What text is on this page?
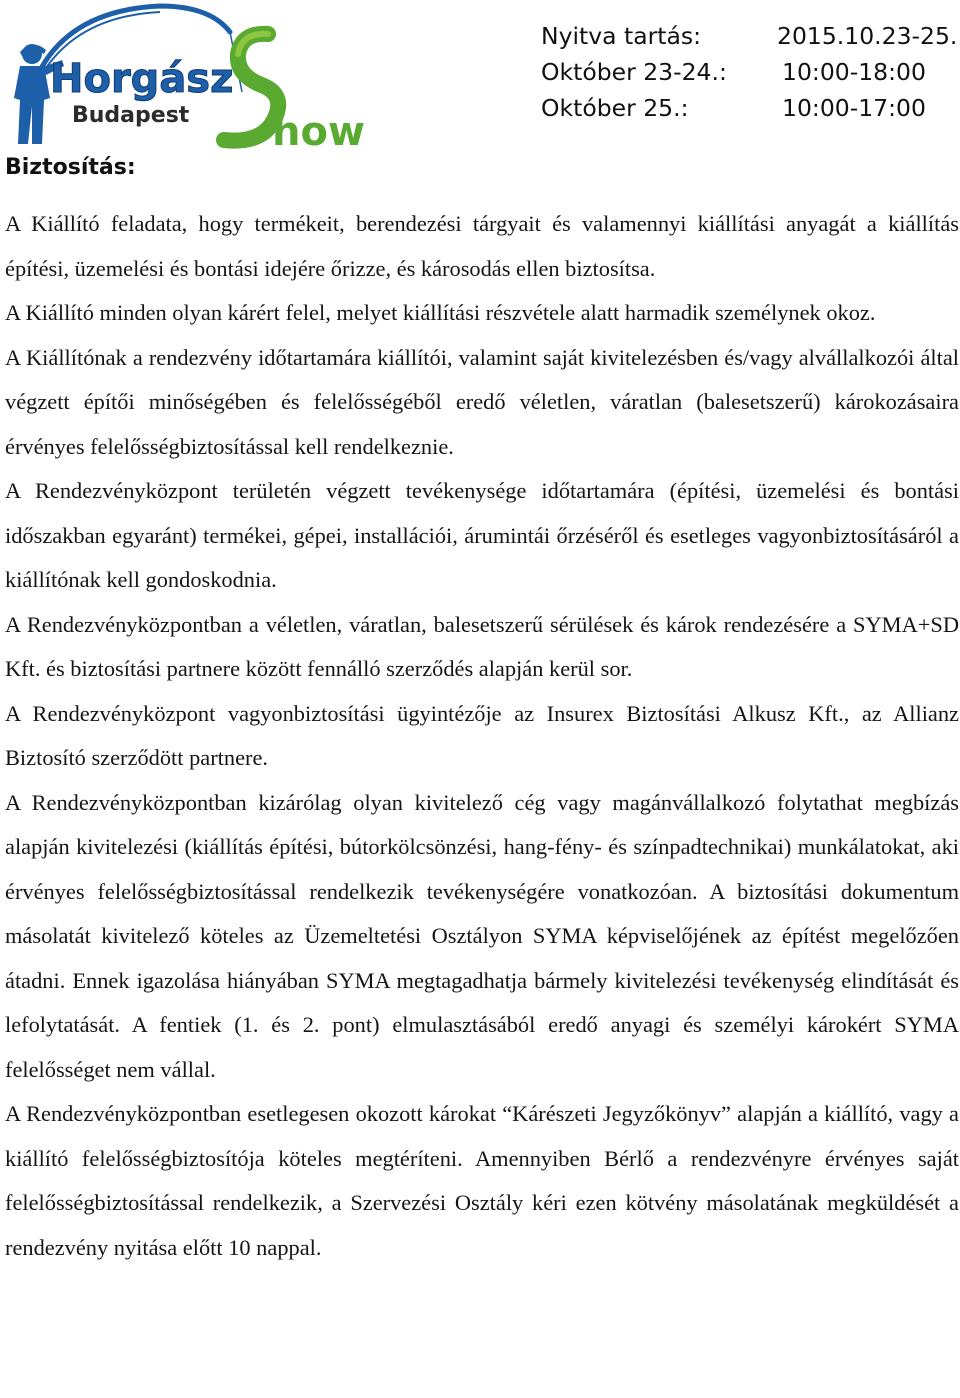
Horgász
Budapest how
Nyitva tartás:	2015.10.23-25.
Október 23-24.: 10:00-18:00
Október 25.:	10:00-17:00
Biztosítás:

A Kiállító feladata, hogy termékeit, berendezési tárgyait és valamennyi kiállítási anyagát a kiállítás építési, üzemelési és bontási idejére őrizze, és károsodás ellen biztosítsa.

A Kiállító minden olyan kárért felel, melyet kiállítási részvétele alatt harmadik személynek okoz.

A Kiállítónak a rendezvény időtartamára kiállítói, valamint saját kivitelezésben és/vagy alvállalkozói által végzett építői minőségében és felelősségéből eredő véletlen, váratlan (balesetszerű) károkozásaira érvényes felelősségbiztosítással kell rendelkeznie.

A Rendezvényközpont területén végzett tevékenysége időtartamára (építési, üzemelési és bontási időszakban egyaránt) termékei, gépei, installációi, árumintái őrzéséről és esetleges vagyonbiztosításáról a kiállítónak kell gondoskodnia.

A Rendezvényközpontban a véletlen, váratlan, balesetszerű sérülések és károk rendezésére a SYMA+SD Kft. és biztosítási partnere között fennálló szerződés alapján kerül sor.

A Rendezvényközpont vagyonbiztosítási ügyintézője az Insurex Biztosítási Alkusz Kft., az Allianz Biztosító szerződött partnere.

A Rendezvényközpontban kizárólag olyan kivitelező cég vagy magánvállalkozó folytathat megbízás alapján kivitelezési (kiállítás építési, bútorkölcsönzési, hang-fény- és színpadtechnikai) munkálatokat, aki érvényes felelősségbiztosítással rendelkezik tevékenységére vonatkozóan. A biztosítási dokumentum másolatát kivitelező köteles az Üzemeltetési Osztályon SYMA képviselőjének az építést megelőzően átadni. Ennek igazolása hiányában SYMA megtagadhatja bármely kivitelezési tevékenység elindítását és lefolytatását. A fentiek (1. és 2. pont) elmulasztásából eredő anyagi és személyi károkért SYMA felelősséget nem vállal.

A Rendezvényközpontban esetlegesen okozott károkat “Kárészeti Jegyzőkönyv” alapján a kiállító, vagy a kiállító felelősségbiztosítója köteles megtéríteni. Amennyiben Bérlő a rendezvényre érvényes saját felelősségbiztosítással rendelkezik, a Szervezési Osztály kéri ezen kötvény másolatának megküldését a rendezvény nyitása előtt 10 nappal.
